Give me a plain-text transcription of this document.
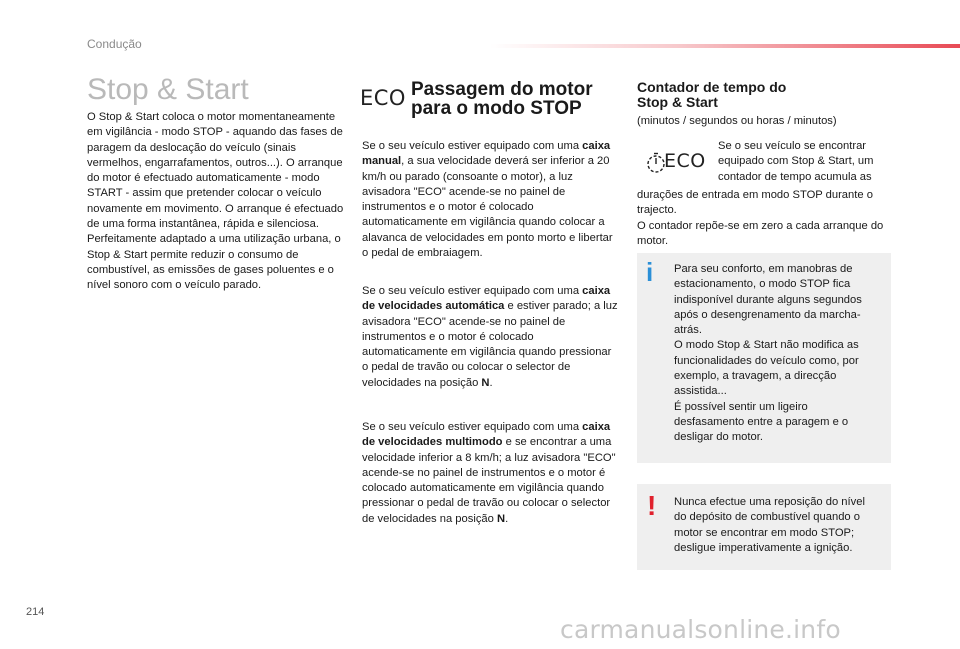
Condução
Stop & Start
O Stop & Start coloca o motor momentaneamente em vigilância - modo STOP - aquando das fases de paragem da deslocação do veículo (sinais vermelhos, engarrafamentos, outros...). O arranque do motor é efectuado automaticamente - modo START - assim que pretender colocar o veículo novamente em movimento. O arranque é efectuado de uma forma instantânea, rápida e silenciosa.
Perfeitamente adaptado a uma utilização urbana, o Stop & Start permite reduzir o consumo de combustível, as emissões de gases poluentes e o nível sonoro com o veículo parado.
ECO Passagem do motor
para o modo STOP
Se o seu veículo estiver equipado com uma caixa manual, a sua velocidade deverá ser inferior a 20 km/h ou parado (consoante o motor), a luz avisadora "ECO" acende-se no painel de instrumentos e o motor é colocado automaticamente em vigilância quando colocar a alavanca de velocidades em ponto morto e libertar o pedal de embraiagem.
Se o seu veículo estiver equipado com uma caixa de velocidades automática e estiver parado; a luz avisadora "ECO" acende-se no painel de instrumentos e o motor é colocado automaticamente em vigilância quando pressionar o pedal de travão ou colocar o selector de velocidades na posição N.
Se o seu veículo estiver equipado com uma caixa de velocidades multimodo e se encontrar a uma velocidade inferior a 8 km/h; a luz avisadora "ECO" acende-se no painel de instrumentos e o motor é colocado automaticamente em vigilância quando pressionar o pedal de travão ou colocar o selector de velocidades na posição N.
Contador de tempo do
Stop & Start
(minutos / segundos ou horas / minutos)
ECO
Se o seu veículo se encontrar equipado com Stop & Start, um contador de tempo acumula as
durações de entrada em modo STOP durante o trajecto.
O contador repõe-se em zero a cada arranque do motor.
i Para seu conforto, em manobras de estacionamento, o modo STOP fica indisponível durante alguns segundos após o desengrenamento da marcha-atrás.
O modo Stop & Start não modifica as funcionalidades do veículo como, por exemplo, a travagem, a direcção assistida...
É possível sentir um ligeiro desfasamento entre a paragem e o desligar do motor.
! Nunca efectue uma reposição do nível do depósito de combustível quando o motor se encontrar em modo STOP; desligue imperativamente a ignição.
214
carmanualsonline.info
